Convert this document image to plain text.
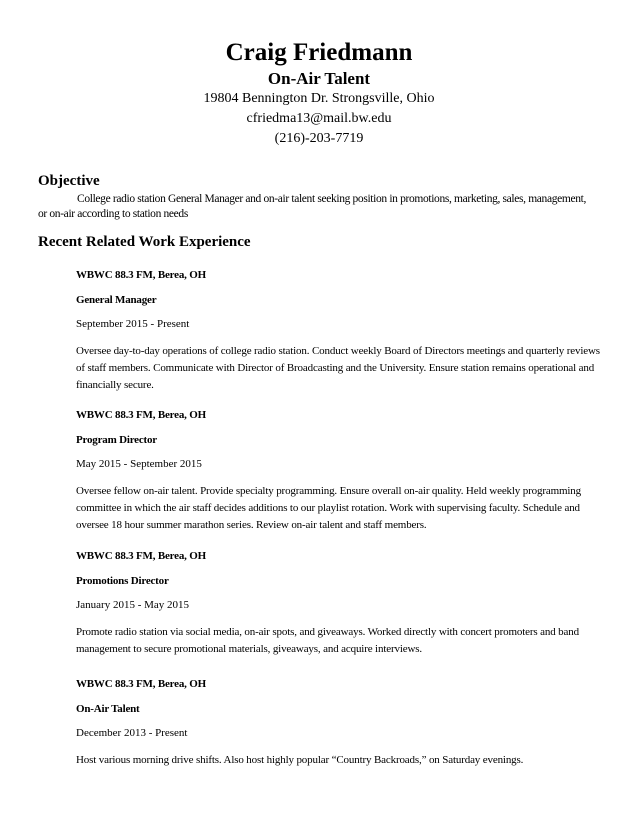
Craig Friedmann
On-Air Talent
19804 Bennington Dr. Strongsville, Ohio
cfriedma13@mail.bw.edu
(216)-203-7719
Objective
College radio station General Manager and on-air talent seeking position in promotions, marketing, sales, management, or on-air according to station needs
Recent Related Work Experience
WBWC 88.3 FM, Berea, OH
General Manager
September 2015 - Present
Oversee day-to-day operations of college radio station. Conduct weekly Board of Directors meetings and quarterly reviews of staff members. Communicate with Director of Broadcasting and the University. Ensure station remains operational and financially secure.
WBWC 88.3 FM, Berea, OH
Program Director
May 2015 - September 2015
Oversee fellow on-air talent. Provide specialty programming. Ensure overall on-air quality. Held weekly programming committee in which the air staff decides additions to our playlist rotation. Work with supervising faculty. Schedule and oversee 18 hour summer marathon series. Review on-air talent and staff members.
WBWC 88.3 FM, Berea, OH
Promotions Director
January 2015 - May 2015
Promote radio station via social media, on-air spots, and giveaways. Worked directly with concert promoters and band management to secure promotional materials, giveaways, and acquire interviews.
WBWC 88.3 FM, Berea, OH
On-Air Talent
December 2013 - Present
Host various morning drive shifts. Also host highly popular “Country Backroads,” on Saturday evenings.
